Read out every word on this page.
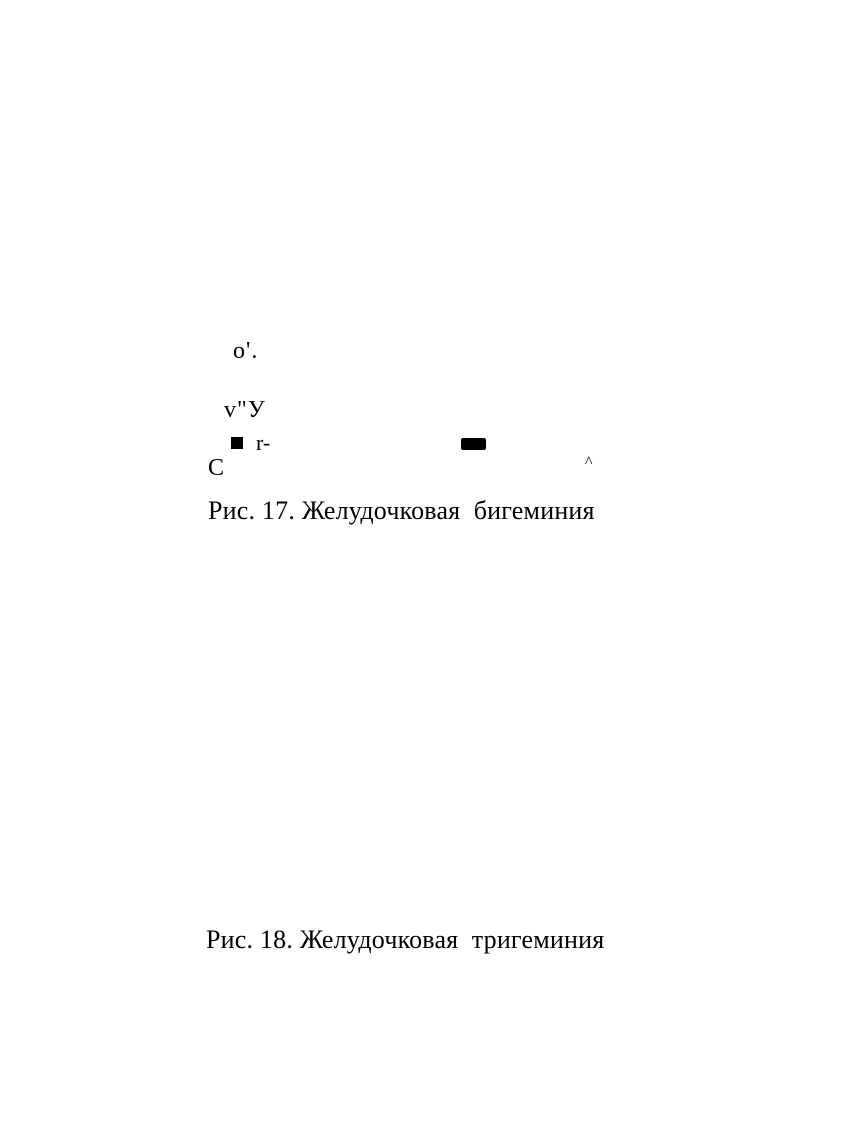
o'.
v"У
r-
C	^
Рис. 17. Желудочковая  бигеминия
Рис. 18. Желудочковая  тригеминия
